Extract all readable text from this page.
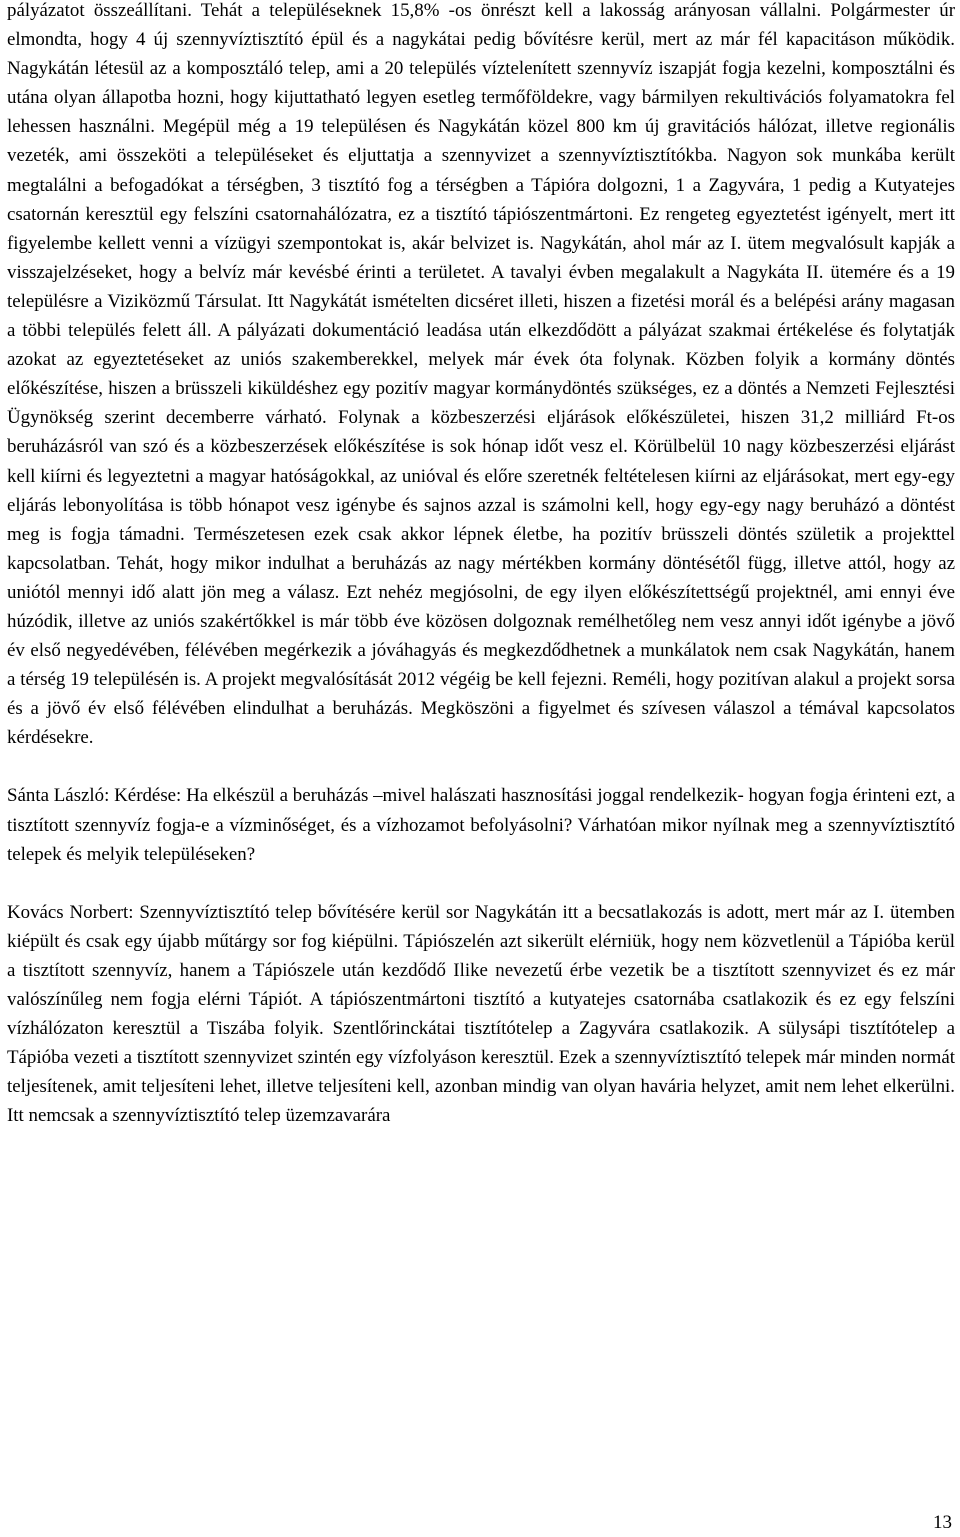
pályázatot összeállítani. Tehát a településeknek 15,8% -os önrészt kell a lakosság arányosan vállalni. Polgármester úr elmondta, hogy 4 új szennyvíztisztító épül és a nagykátai pedig bővítésre kerül, mert az már fél kapacitáson működik. Nagykátán létesül az a komposztáló telep, ami a 20 település víztelenített szennyvíz iszapját fogja kezelni, komposztálni és utána olyan állapotba hozni, hogy kijuttatható legyen esetleg termőföldekre, vagy bármilyen rekultivációs folyamatokra fel lehessen használni. Megépül még a 19 településen és Nagykátán közel 800 km új gravitációs hálózat, illetve regionális vezeték, ami összeköti a településeket és eljuttatja a szennyvizet a szennyvíztisztítókba. Nagyon sok munkába került megtalálni a befogadókat a térségben, 3 tisztító fog a térségben a Tápióra dolgozni, 1 a Zagyvára, 1 pedig a Kutyatejes csatornán keresztül egy felszíni csatornahálózatra, ez a tisztító tápiószentmártoni. Ez rengeteg egyeztetést igényelt, mert itt figyelembe kellett venni a vízügyi szempontokat is, akár belvizet is. Nagykátán, ahol már az I. ütem megvalósult kapják a visszajelzéseket, hogy a belvíz már kevésbé érinti a területet. A tavalyi évben megalakult a Nagykáta II. ütemére és a 19 településre a Viziközmű Társulat. Itt Nagykátát ismételten dicséret illeti, hiszen a fizetési morál és a belépési arány magasan a többi település felett áll. A pályázati dokumentáció leadása után elkezdődött a pályázat szakmai értékelése és folytatják azokat az egyeztetéseket az uniós szakemberekkel, melyek már évek óta folynak. Közben folyik a kormány döntés előkészítése, hiszen a brüsszeli kiküldéshez egy pozitív magyar kormánydöntés szükséges, ez a döntés a Nemzeti Fejlesztési Ügynökség szerint decemberre várható. Folynak a közbeszerzési eljárások előkészületei, hiszen 31,2 milliárd Ft-os beruházásról van szó és a közbeszerzések előkészítése is sok hónap időt vesz el. Körülbelül 10 nagy közbeszerzési eljárást kell kiírni és legyeztetni a magyar hatóságokkal, az unióval és előre szeretnék feltételesen kiírni az eljárásokat, mert egy-egy eljárás lebonyolítása is több hónapot vesz igénybe és sajnos azzal is számolni kell, hogy egy-egy nagy beruházó a döntést meg is fogja támadni. Természetesen ezek csak akkor lépnek életbe, ha pozitív brüsszeli döntés születik a projekttel kapcsolatban. Tehát, hogy mikor indulhat a beruházás az nagy mértékben kormány döntésétől függ, illetve attól, hogy az uniótól mennyi idő alatt jön meg a válasz. Ezt nehéz megjósolni, de egy ilyen előkészítettségű projektnél, ami ennyi éve húzódik, illetve az uniós szakértőkkel is már több éve közösen dolgoznak remélhetőleg nem vesz annyi időt igénybe a jövő év első negyedévében, félévében megérkezik a jóváhagyás és megkezdődhetnek a munkálatok nem csak Nagykátán, hanem a térség 19 településén is. A projekt megvalósítását 2012 végéig be kell fejezni. Reméli, hogy pozitívan alakul a projekt sorsa és a jövő év első félévében elindulhat a beruházás. Megköszöni a figyelmet és szívesen válaszol a témával kapcsolatos kérdésekre.

Sánta László: Kérdése: Ha elkészül a beruházás –mivel halászati hasznosítási joggal rendelkezik- hogyan fogja érinteni ezt, a tisztított szennyvíz fogja-e a vízminőséget, és a vízhozamot befolyásolni? Várhatóan mikor nyílnak meg a szennyvíztisztító telepek és melyik településeken?

Kovács Norbert: Szennyvíztisztító telep bővítésére kerül sor Nagykátán itt a becsatlakozás is adott, mert már az I. ütemben kiépült és csak egy újabb műtárgy sor fog kiépülni. Tápiószelén azt sikerült elérniük, hogy nem közvetlenül a Tápióba kerül a tisztított szennyvíz, hanem a Tápiószele után kezdődő Ilike nevezetű érbe vezetik be a tisztított szennyvizet és ez már valószínűleg nem fogja elérni Tápiót. A tápiószentmártoni tisztító a kutyatejes csatornába csatlakozik és ez egy felszíni vízhálózaton keresztül a Tiszába folyik. Szentlőrinckátai tisztítótelep a Zagyvára csatlakozik. A sülysápi tisztítótelep a Tápióba vezeti a tisztított szennyvizet szintén egy vízfolyáson keresztül. Ezek a szennyvíztisztító telepek már minden normát teljesítenek, amit teljesíteni lehet, illetve teljesíteni kell, azonban mindig van olyan havária helyzet, amit nem lehet elkerülni. Itt nemcsak a szennyvíztisztító telep üzemzavarára

13
